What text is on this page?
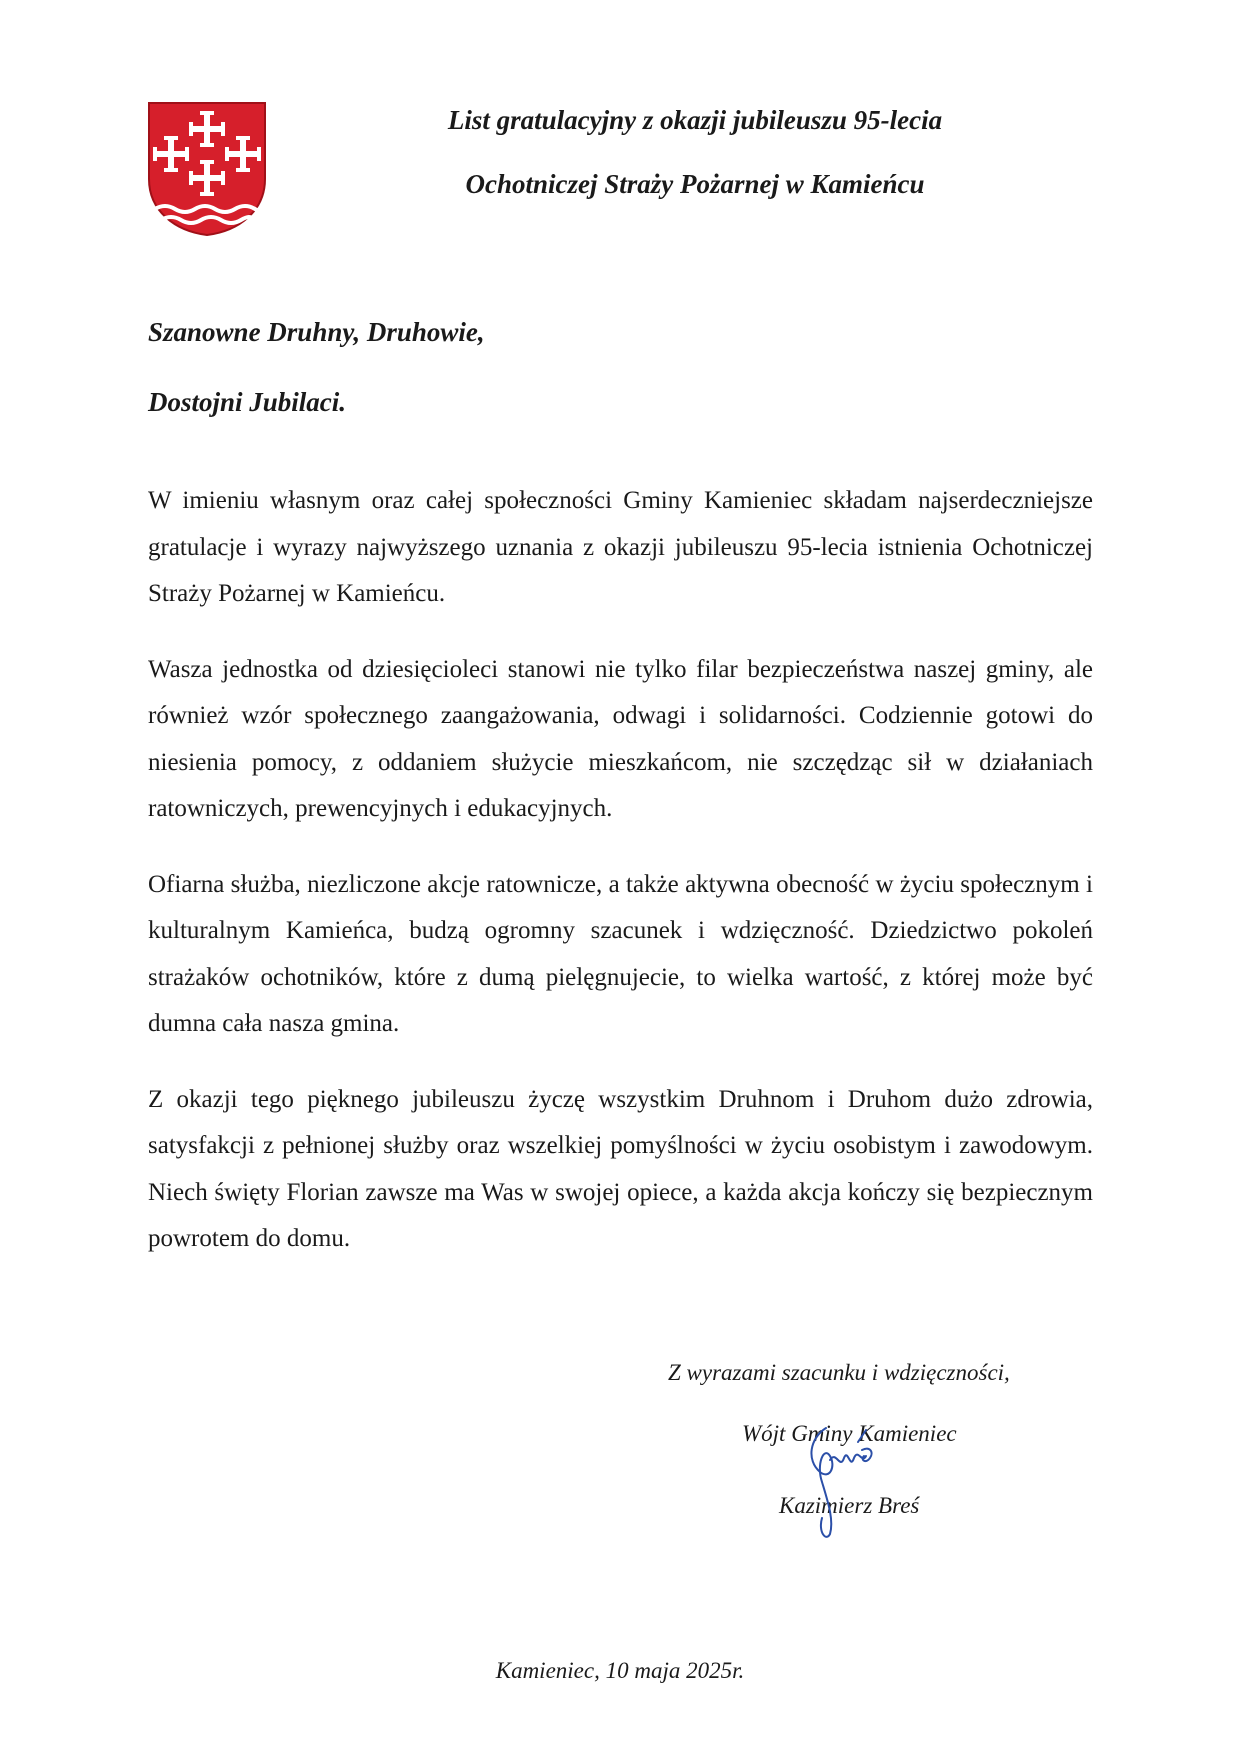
List gratulacyjny z okazji jubileuszu 95-lecia
Ochotniczej Straży Pożarnej w Kamieńcu
Szanowne Druhny, Druhowie,
Dostojni Jubilaci.

W imieniu własnym oraz całej społeczności Gminy Kamieniec składam najserdeczniejsze gratulacje i wyrazy najwyższego uznania z okazji jubileuszu 95-lecia istnienia Ochotniczej Straży Pożarnej w Kamieńcu.

Wasza jednostka od dziesięcioleci stanowi nie tylko filar bezpieczeństwa naszej gminy, ale również wzór społecznego zaangażowania, odwagi i solidarności. Codziennie gotowi do niesienia pomocy, z oddaniem służycie mieszkańcom, nie szczędząc sił w działaniach ratowniczych, prewencyjnych i edukacyjnych.

Ofiarna służba, niezliczone akcje ratownicze, a także aktywna obecność w życiu społecznym i kulturalnym Kamieńca, budzą ogromny szacunek i wdzięczność. Dziedzictwo pokoleń strażaków ochotników, które z dumą pielęgnujecie, to wielka wartość, z której może być dumna cała nasza gmina.

Z okazji tego pięknego jubileuszu życzę wszystkim Druhnom i Druhom dużo zdrowia, satysfakcji z pełnionej służby oraz wszelkiej pomyślności w życiu osobistym i zawodowym. Niech święty Florian zawsze ma Was w swojej opiece, a każda akcja kończy się bezpiecznym powrotem do domu.

Z wyrazami szacunku i wdzięczności,
Wójt Gminy Kamieniec
Kazimierz Breś
Kamieniec, 10 maja 2025r.
